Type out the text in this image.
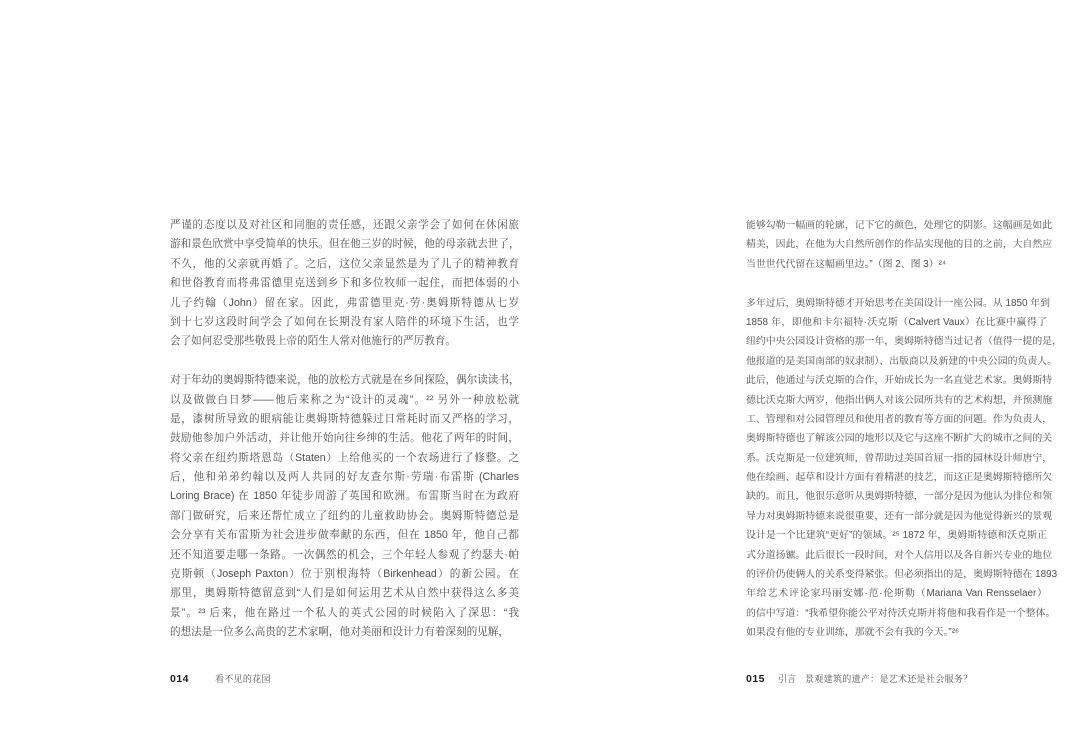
严谨的态度以及对社区和同胞的责任感，还跟父亲学会了如何在休闲旅
游和景色欣赏中享受简单的快乐。但在他三岁的时候，他的母亲就去世了，
不久，他的父亲就再婚了。之后，这位父亲显然是为了儿子的精神教育
和世俗教育而将弗雷德里克送到乡下和多位牧师一起住，而把体弱的小
儿子约翰（John）留在家。因此，弗雷德里克·劳·奥姆斯特德从七岁
到十七岁这段时间学会了如何在长期没有家人陪伴的环境下生活，也学
会了如何忍受那些敬畏上帝的陌生人常对他施行的严厉教育。
对于年幼的奥姆斯特德来说，他的放松方式就是在乡间探险，偶尔读读书，
以及做做白日梦——他后来称之为“设计的灵魂”。²² 另外一种放松就
是，漆树所导致的眼病能让奥姆斯特德躲过日常耗时而又严格的学习，
鼓励他参加户外活动，并让他开始向往乡绅的生活。他花了两年的时间，
将父亲在纽约斯塔恩岛（Staten）上给他买的一个农场进行了修整。之
后，他和弟弟约翰以及两人共同的好友查尔斯·劳瑞·布雷斯 (Charles
Loring Brace) 在 1850 年徒步周游了英国和欧洲。布雷斯当时在为政府
部门做研究，后来还帮忙成立了纽约的儿童救助协会。奥姆斯特德总是
会分享有关布雷斯为社会进步做奉献的东西，但在 1850 年，他自己都
还不知道要走哪一条路。一次偶然的机会，三个年轻人参观了约瑟夫·帕
克斯顿（Joseph Paxton）位于别根海特（Birkenhead）的新公园。在
那里，奥姆斯特德留意到“人们是如何运用艺术从自然中获得这么多美
景”。²³ 后来，他在路过一个私人的英式公园的时候陷入了深思：“我
的想法是一位多么高贵的艺术家啊，他对美丽和设计力有着深刻的见解，
能够勾勒一幅画的轮廓，记下它的颜色，处理它的阴影。这幅画是如此
精美，因此，在他为大自然所创作的作品实现他的目的之前，大自然应
当世世代代留在这幅画里边。”（图 2、图 3）²⁴
多年过后，奥姆斯特德才开始思考在美国设计一座公园。从 1850 年到
1858 年，即他和卡尔福特·沃克斯（Calvert Vaux）在比赛中赢得了
纽约中央公园设计资格的那一年，奥姆斯特德当过记者（值得一提的是，
他报道的是美国南部的奴隶制）、出版商以及新建的中央公园的负责人。
此后，他通过与沃克斯的合作，开始成长为一名直觉艺术家。奥姆斯特
德比沃克斯大两岁，他指出俩人对该公园所共有的艺术构想，并预测施
工、管理和对公园管理员和使用者的教育等方面的问题。作为负责人，
奥姆斯特德也了解该公园的地形以及它与这座不断扩大的城市之间的关
系。沃克斯是一位建筑师，曾帮助过美国首屈一指的园林设计师唐宁，
他在绘画、起草和设计方面有着精湛的技艺，而这正是奥姆斯特德所欠
缺的。而且，他很乐意听从奥姆斯特德，一部分是因为他认为排位和领
导力对奥姆斯特德来说很重要，还有一部分就是因为他觉得新兴的景观
设计是一个比建筑“更好”的领域。²⁵ 1872 年，奥姆斯特德和沃克斯正
式分道扬镳。此后很长一段时间，对个人信用以及各自新兴专业的地位
的评价仍使俩人的关系变得紧张。但必须指出的是，奥姆斯特德在 1893
年给艺术评论家玛丽安娜·范·伦斯勒（Mariana Van Rensselaer）
的信中写道：“我希望你能公平对待沃克斯并将他和我看作是一个整体。
如果没有他的专业训练，那就不会有我的今天。”²⁶
014	看不见的花园	015 引言 景观建筑的遗产：是艺术还是社会服务？
